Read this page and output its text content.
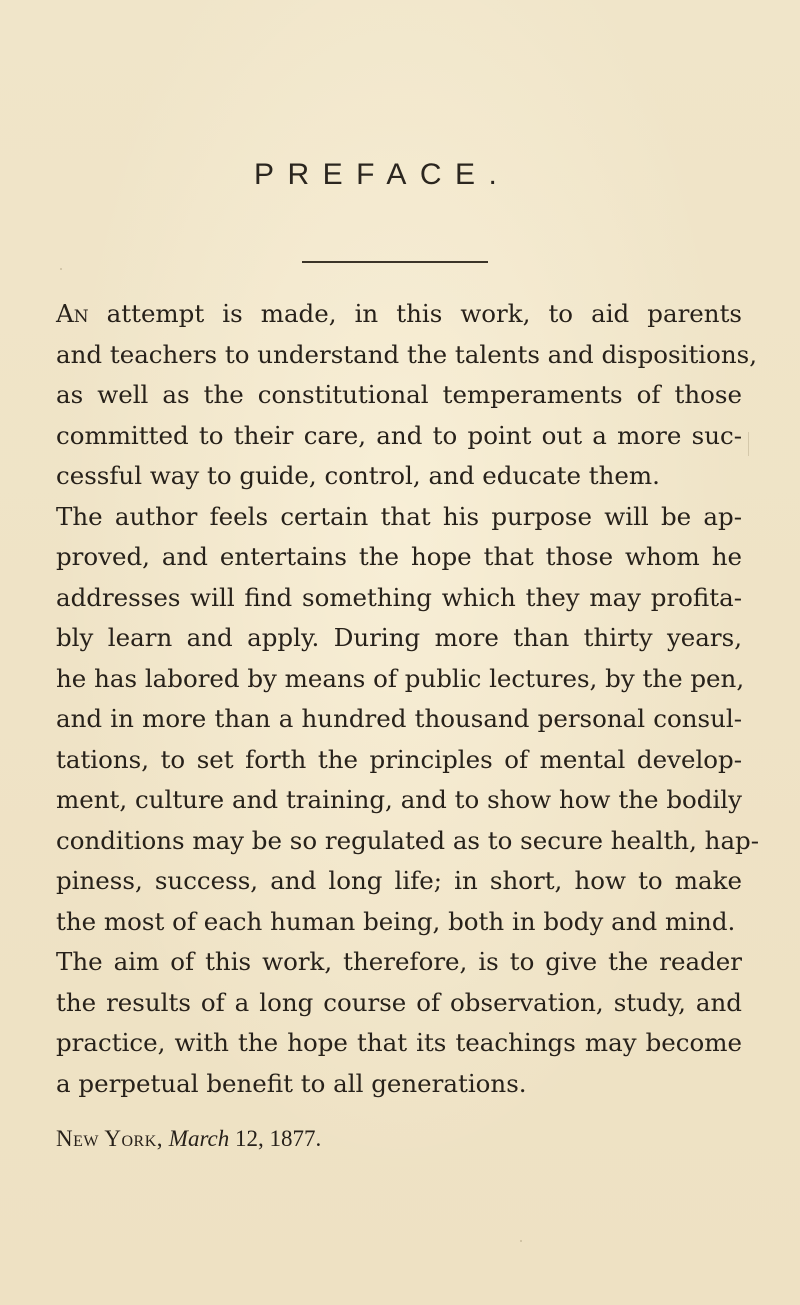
PREFACE.
An attempt is made, in this work, to aid parents
and teachers to understand the talents and dispositions,
as well as the constitutional temperaments of those
committed to their care, and to point out a more suc-
cessful way to guide, control, and educate them.
The author feels certain that his purpose will be ap-
proved, and entertains the hope that those whom he
addresses will find something which they may profita-
bly learn and apply. During more than thirty years,
he has labored by means of public lectures, by the pen,
and in more than a hundred thousand personal consul-
tations, to set forth the principles of mental develop-
ment, culture and training, and to show how the bodily
conditions may be so regulated as to secure health, hap-
piness, success, and long life; in short, how to make
the most of each human being, both in body and mind.
The aim of this work, therefore, is to give the reader
the results of a long course of observation, study, and
practice, with the hope that its teachings may become
a perpetual benefit to all generations.
New York, March 12, 1877.
